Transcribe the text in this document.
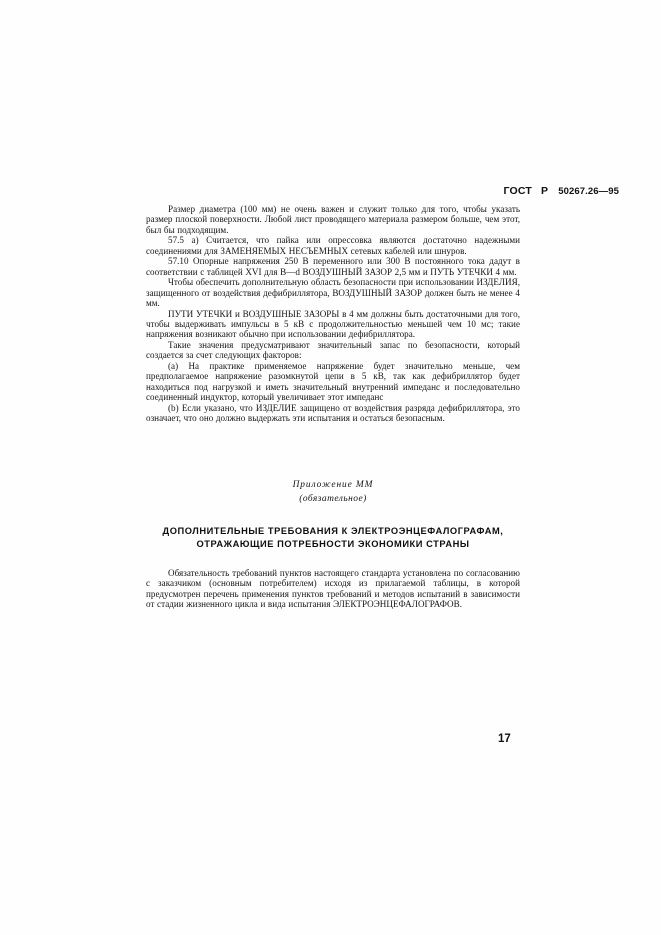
ГОСТ Р 50267.26—95

Размер диаметра (100 мм) не очень важен и служит только для того, чтобы указать размер плоской поверхности. Любой лист проводящего материала размером больше, чем этот, был бы подходящим.

57.5 а) Считается, что пайка или опрессовка являются достаточно надежными соединениями для ЗАМЕНЯЕМЫХ НЕСЪЕМНЫХ сетевых кабелей или шнуров.

57.10 Опорные напряжения 250 В переменного или 300 В постоянного тока дадут в соответствии с таблицей XVI для B—d ВОЗДУШНЫЙ ЗАЗОР 2,5 мм и ПУТЬ УТЕЧКИ 4 мм.

Чтобы обеспечить дополнительную область безопасности при использовании ИЗДЕЛИЯ, защищенного от воздействия дефибриллятора, ВОЗДУШНЫЙ ЗАЗОР должен быть не менее 4 мм.

ПУТИ УТЕЧКИ и ВОЗДУШНЫЕ ЗАЗОРЫ в 4 мм должны быть достаточными для того, чтобы выдерживать импульсы в 5 кВ с продолжительностью меньшей чем 10 мс; такие напряжения возникают обычно при использовании дефибриллятора.

Такие значения предусматривают значительный запас по безопасности, который создается за счет следующих факторов:

(a) На практике применяемое напряжение будет значительно меньше, чем предполагаемое напряжение разомкнутой цепи в 5 кВ, так как дефибриллятор будет находиться под нагрузкой и иметь значительный внутренний импеданс и последовательно соединенный индуктор, который увеличивает этот импеданс

(b) Если указано, что ИЗДЕЛИЕ защищено от воздействия разряда дефибриллятора, это означает, что оно должно выдержать эти испытания и остаться безопасным.

Приложение ММ
(обязательное)
ДОПОЛНИТЕЛЬНЫЕ ТРЕБОВАНИЯ К ЭЛЕКТРОЭНЦЕФАЛОГРАФАМ,
ОТРАЖАЮЩИЕ ПОТРЕБНОСТИ ЭКОНОМИКИ СТРАНЫ

Обязательность требований пунктов настоящего стандарта установлена по согласованию с заказчиком (основным потребителем) исходя из прилагаемой таблицы, в которой предусмотрен перечень применения пунктов требований и методов испытаний в зависимости от стадии жизненного цикла и вида испытания ЭЛЕКТРОЭНЦЕФАЛОГРАФОВ.

17
